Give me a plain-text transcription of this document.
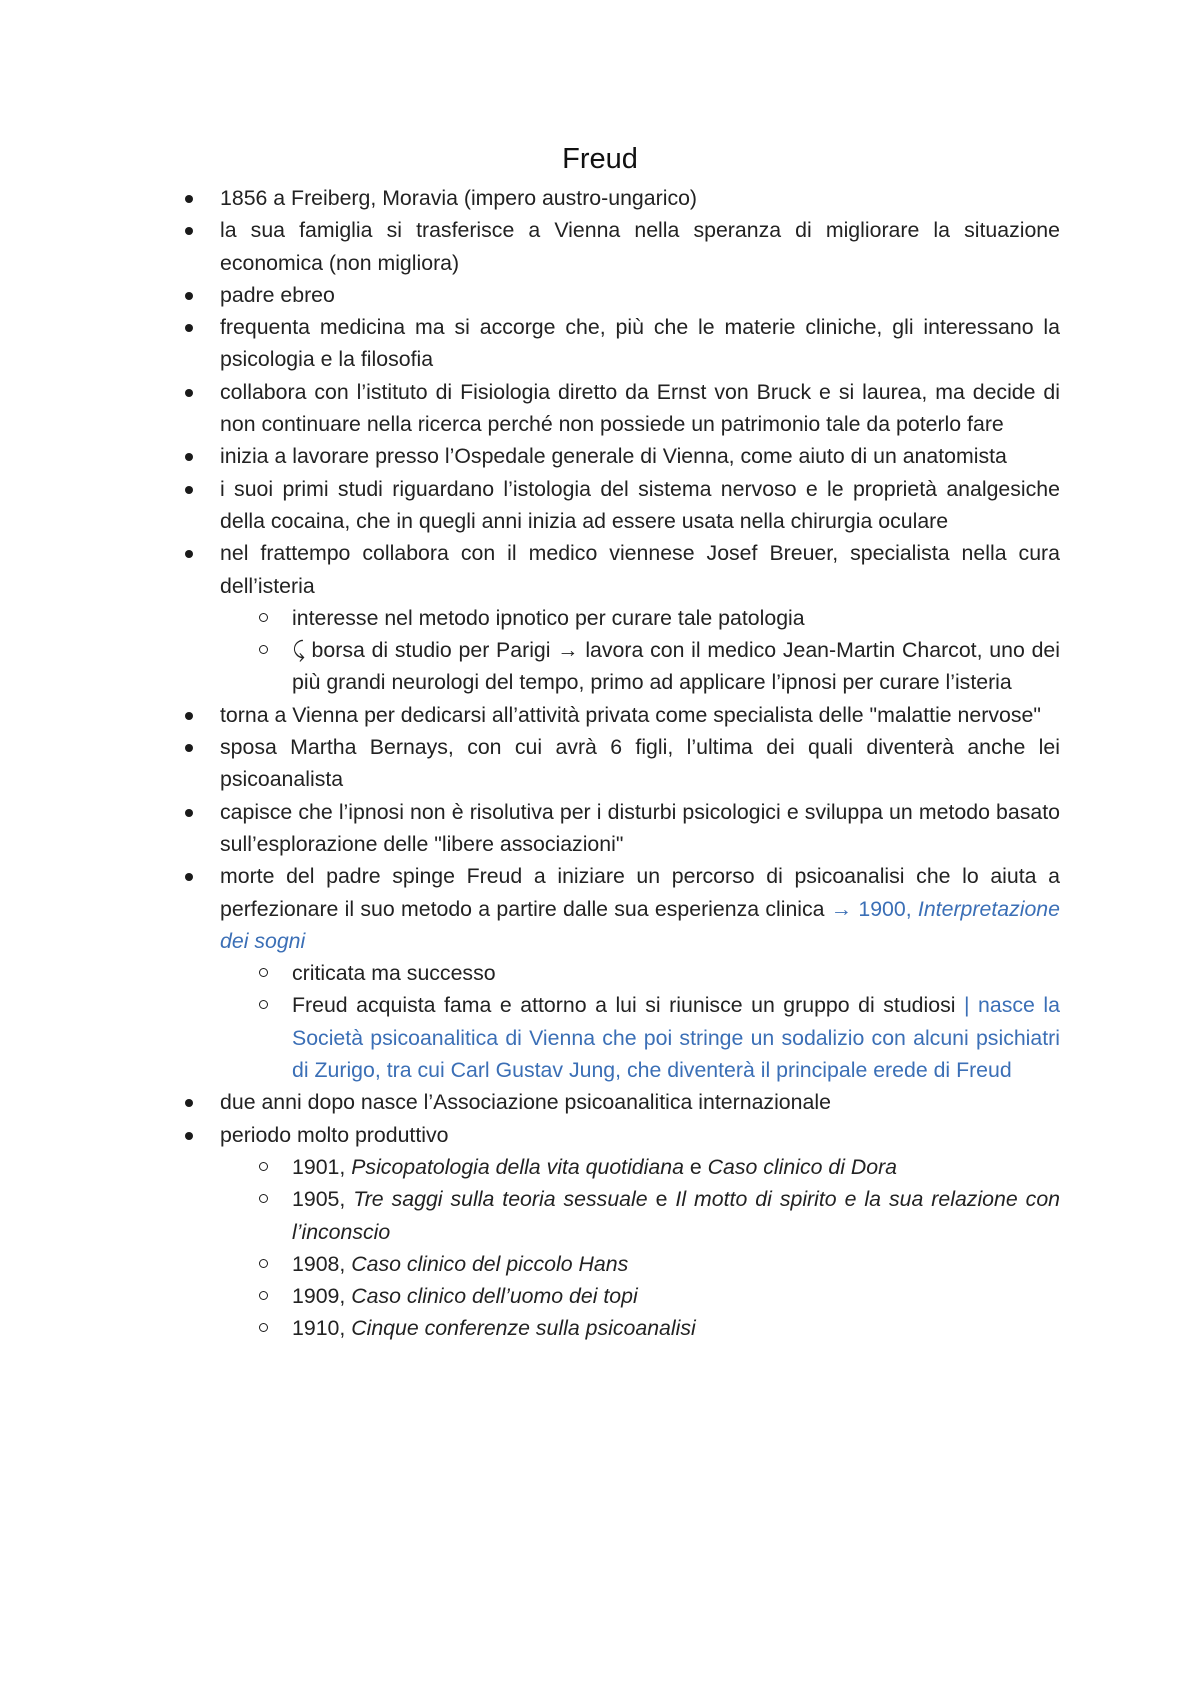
Freud
1856 a Freiberg, Moravia (impero austro-ungarico)
la sua famiglia si trasferisce a Vienna nella speranza di migliorare la situazione economica (non migliora)
padre ebreo
frequenta medicina ma si accorge che, più che le materie cliniche, gli interessano la psicologia e la filosofia
collabora con l’istituto di Fisiologia diretto da Ernst von Bruck e si laurea, ma decide di non continuare nella ricerca perché non possiede un patrimonio tale da poterlo fare
inizia a lavorare presso l’Ospedale generale di Vienna, come aiuto di un anatomista
i suoi primi studi riguardano l’istologia del sistema nervoso e le proprietà analgesiche della cocaina, che in quegli anni inizia ad essere usata nella chirurgia oculare
nel frattempo collabora con il medico viennese Josef Breuer, specialista nella cura dell’isteria
interesse nel metodo ipnotico per curare tale patologia
⤹ borsa di studio per Parigi → lavora con il medico Jean-Martin Charcot, uno dei più grandi neurologi del tempo, primo ad applicare l’ipnosi per curare l’isteria
torna a Vienna per dedicarsi all’attività privata come specialista delle "malattie nervose"
sposa Martha Bernays, con cui avrà 6 figli, l’ultima dei quali diventerà anche lei psicoanalista
capisce che l’ipnosi non è risolutiva per i disturbi psicologici e sviluppa un metodo basato sull’esplorazione delle "libere associazioni"
morte del padre spinge Freud a iniziare un percorso di psicoanalisi che lo aiuta a perfezionare il suo metodo a partire dalle sua esperienza clinica → 1900, Interpretazione dei sogni
criticata ma successo
Freud acquista fama e attorno a lui si riunisce un gruppo di studiosi | nasce la Società psicoanalitica di Vienna che poi stringe un sodalizio con alcuni psichiatri di Zurigo, tra cui Carl Gustav Jung, che diventerà il principale erede di Freud
due anni dopo nasce l’Associazione psicoanalitica internazionale
periodo molto produttivo
1901, Psicopatologia della vita quotidiana e Caso clinico di Dora
1905, Tre saggi sulla teoria sessuale e Il motto di spirito e la sua relazione con l’inconscio
1908, Caso clinico del piccolo Hans
1909, Caso clinico dell’uomo dei topi
1910, Cinque conferenze sulla psicoanalisi
